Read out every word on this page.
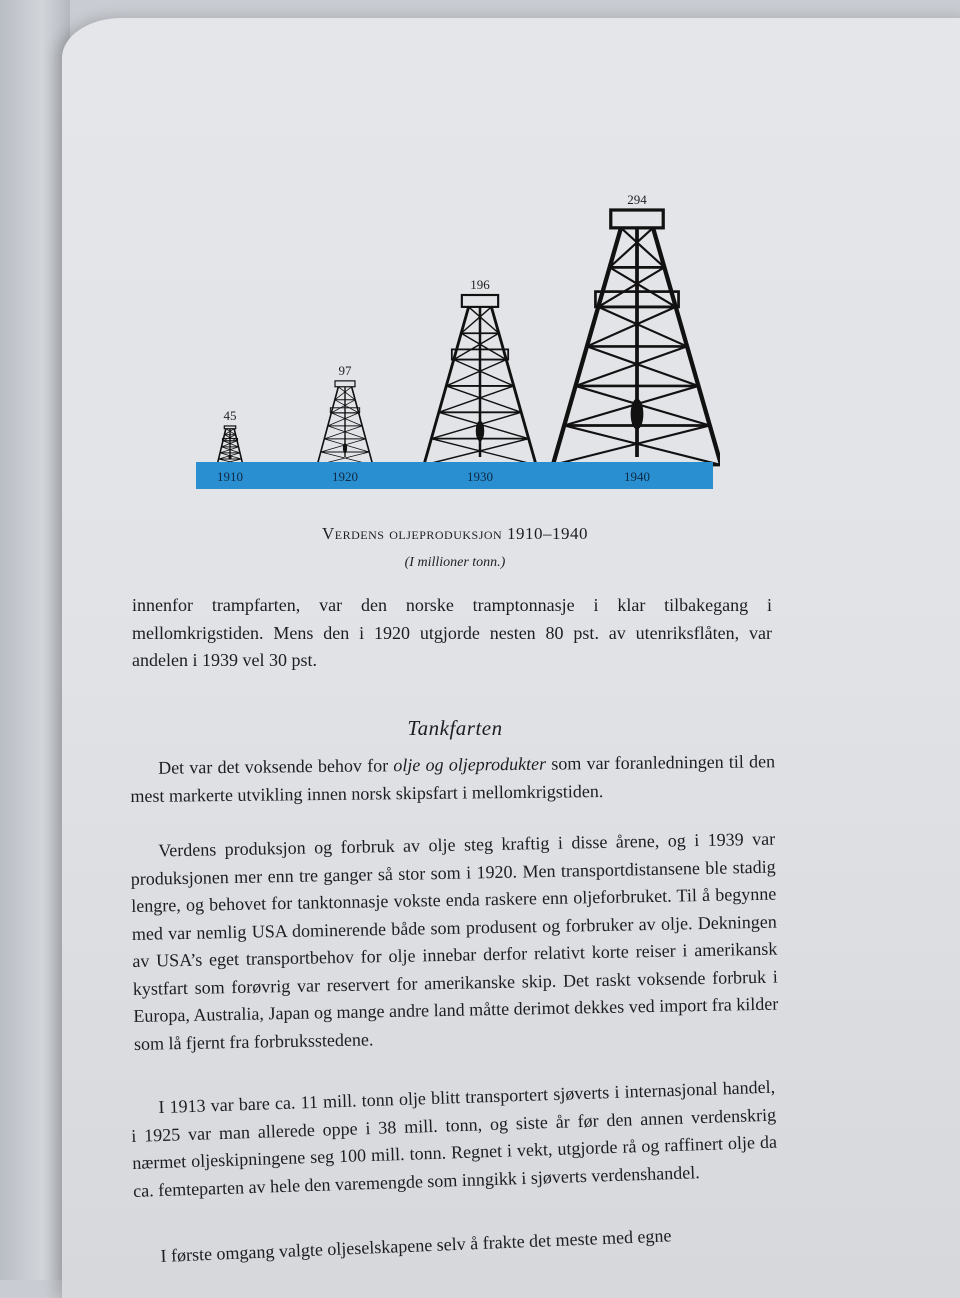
45
97
196
294
1910	1920	1930	1940
Verdens oljeproduksjon 1910–1940
(I millioner tonn.)
innenfor trampfarten, var den norske tramptonnasje i klar tilbakegang i mellomkrigstiden. Mens den i 1920 utgjorde nesten 80 pst. av utenriksflåten, var andelen i 1939 vel 30 pst.
Tankfarten
Det var det voksende behov for olje og oljeprodukter som var foranledningen til den mest markerte utvikling innen norsk skipsfart i mellomkrigstiden.
Verdens produksjon og forbruk av olje steg kraftig i disse årene, og i 1939 var produksjonen mer enn tre ganger så stor som i 1920. Men transportdistansene ble stadig lengre, og behovet for tanktonnasje vokste enda raskere enn oljeforbruket. Til å begynne med var nemlig USA dominerende både som produsent og forbruker av olje. Dekningen av USA’s eget transportbehov for olje innebar derfor relativt korte reiser i amerikansk kystfart som forøvrig var reservert for amerikanske skip. Det raskt voksende forbruk i Europa, Australia, Japan og mange andre land måtte derimot dekkes ved import fra kilder som lå fjernt fra forbruksstedene.
I 1913 var bare ca. 11 mill. tonn olje blitt transportert sjøverts i internasjonal handel, i 1925 var man allerede oppe i 38 mill. tonn, og siste år før den annen verdenskrig nærmet oljeskipningene seg 100 mill. tonn. Regnet i vekt, utgjorde rå og raffinert olje da ca. femteparten av hele den varemengde som inngikk i sjøverts verdenshandel.
I første omgang valgte oljeselskapene selv å frakte det meste med egne
